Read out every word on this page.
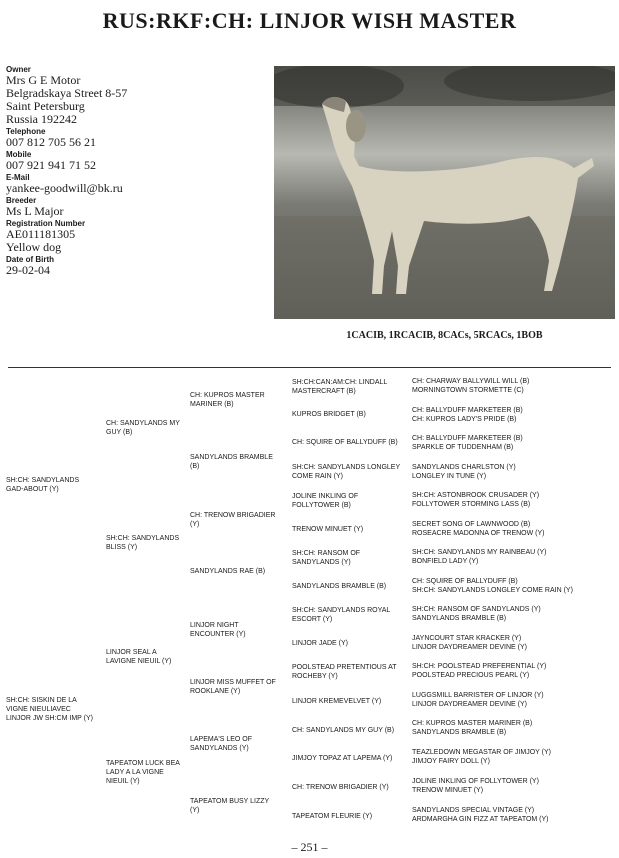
RUS:RKF:CH: LINJOR WISH MASTER
Owner
Mrs G E Motor
Belgradskaya Street 8-57
Saint Petersburg
Russia 192242
Telephone
007 812 705 56 21
Mobile
007 921 941 71 52
E-Mail
yankee-goodwill@bk.ru
Breeder
Ms L Major
Registration Number
AE011181305
Yellow dog
Date of Birth
29-02-04
1CACIB, 1RCACIB, 8CACs, 5RCACs, 1BOB
SH:CH: SANDYLANDS GAD-ABOUT (Y)
SH:CH: SISKIN DE LA VIGNE NIEULIAVEC LINJOR JW SH:CM IMP (Y)
CH: SANDYLANDS MY GUY (B)
SH:CH: SANDYLANDS BLISS (Y)
LINJOR SEAL A LAVIGNE NIEUIL (Y)
TAPEATOM LUCK BEA LADY A LA VIGNE NIEUIL (Y)
CH: KUPROS MASTER MARINER (B)
SANDYLANDS BRAMBLE (B)
CH: TRENOW BRIGADIER (Y)
SANDYLANDS RAE (B)
LINJOR NIGHT ENCOUNTER (Y)
LINJOR MISS MUFFET OF ROOKLANE (Y)
LAPEMA'S LEO OF SANDYLANDS (Y)
TAPEATOM BUSY LIZZY (Y)
SH:CH:CAN:AM:CH: LINDALL MASTERCRAFT (B)
KUPROS BRIDGET (B)
CH: SQUIRE OF BALLYDUFF (B)
SH:CH: SANDYLANDS LONGLEY COME RAIN (Y)
JOLINE INKLING OF FOLLYTOWER (B)
TRENOW MINUET (Y)
SH:CH: RANSOM OF SANDYLANDS (Y)
SANDYLANDS BRAMBLE (B)
SH:CH: SANDYLANDS ROYAL ESCORT (Y)
LINJOR JADE (Y)
POOLSTEAD PRETENTIOUS AT ROCHEBY (Y)
LINJOR KREMEVELVET (Y)
CH: SANDYLANDS MY GUY (B)
JIMJOY TOPAZ AT LAPEMA (Y)
CH: TRENOW BRIGADIER (Y)
TAPEATOM FLEURIE (Y)
CH: CHARWAY BALLYWILL WILL (B)
MORNINGTOWN STORMETTE (C)
CH: BALLYDUFF MARKETEER (B)
CH: KUPROS LADY'S PRIDE (B)
CH: BALLYDUFF MARKETEER (B)
SPARKLE OF TUDDENHAM (B)
SANDYLANDS CHARLSTON (Y)
LONGLEY IN TUNE (Y)
SH:CH: ASTONBROOK CRUSADER (Y)
FOLLYTOWER STORMING LASS (B)
SECRET SONG OF LAWNWOOD (B)
ROSEACRE MADONNA OF TRENOW (Y)
SH:CH: SANDYLANDS MY RAINBEAU (Y)
BONFIELD LADY (Y)
CH: SQUIRE OF BALLYDUFF (B)
SH:CH: SANDYLANDS LONGLEY COME RAIN (Y)
SH:CH: RANSOM OF SANDYLANDS (Y)
SANDYLANDS BRAMBLE (B)
JAYNCOURT STAR KRACKER (Y)
LINJOR DAYDREAMER DEVINE (Y)
SH:CH: POOLSTEAD PREFERENTIAL (Y)
POOLSTEAD PRECIOUS PEARL (Y)
LUGGSMILL BARRISTER OF LINJOR (Y)
LINJOR DAYDREAMER DEVINE (Y)
CH: KUPROS MASTER MARINER (B)
SANDYLANDS BRAMBLE (B)
TEAZLEDOWN MEGASTAR OF JIMJOY (Y)
JIMJOY FAIRY DOLL (Y)
JOLINE INKLING OF FOLLYTOWER (Y)
TRENOW MINUET (Y)
SANDYLANDS SPECIAL VINTAGE (Y)
ARDMARGHA GIN FIZZ AT TAPEATOM (Y)
– 251 –
